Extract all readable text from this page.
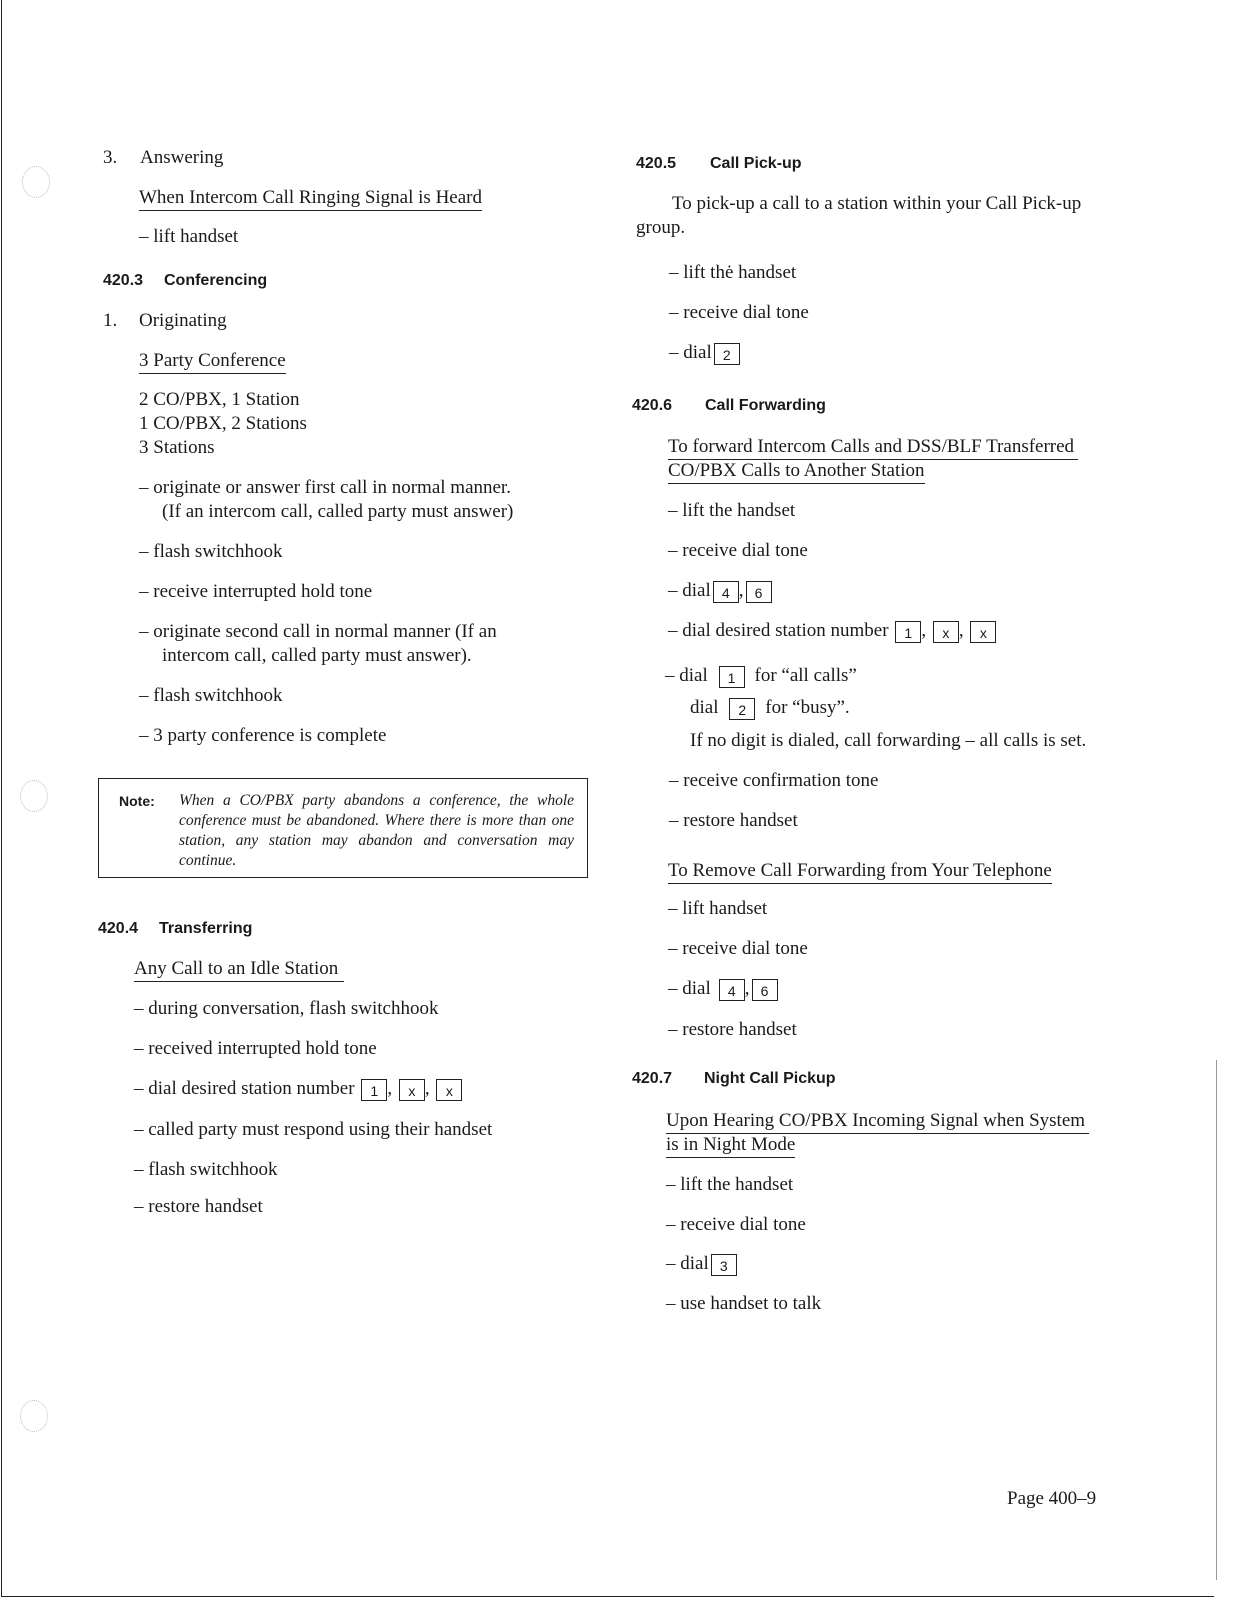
3. Answering
When Intercom Call Ringing Signal is Heard
– lift handset
420.3 Conferencing
1. Originating
3 Party Conference
2 CO/PBX, 1 Station
1 CO/PBX, 2 Stations
3 Stations
– originate or answer first call in normal manner.
(If an intercom call, called party must answer)
– flash switchhook
– receive interrupted hold tone
– originate second call in normal manner (If an
intercom call, called party must answer).
– flash switchhook
– 3 party conference is complete
Note: When a CO/PBX party abandons a conference, the whole conference must be abandoned. Where there is more than one station, any station may abandon and conversation may continue.
420.4 Transferring
Any Call to an Idle Station
– during conversation, flash switchhook
– received interrupted hold tone
– dial desired station number 1 , x , x
– called party must respond using their handset
– flash switchhook
– restore handset
420.5 Call Pick-up
To pick-up a call to a station within your Call Pick-up
group.
– lift thė handset
– receive dial tone
– dial 2
420.6 Call Forwarding
To forward Intercom Calls and DSS/BLF Transferred
CO/PBX Calls to Another Station
– lift the handset
– receive dial tone
– dial 4 , 6
– dial desired station number 1 , x , x
– dial 1 for “all calls”
dial 2 for “busy”.
If no digit is dialed, call forwarding – all calls is set.
– receive confirmation tone
– restore handset
To Remove Call Forwarding from Your Telephone
– lift handset
– receive dial tone
– dial 4 , 6
– restore handset
420.7 Night Call Pickup
Upon Hearing CO/PBX Incoming Signal when System
is in Night Mode
– lift the handset
– receive dial tone
– dial 3
– use handset to talk
Page 400–9
